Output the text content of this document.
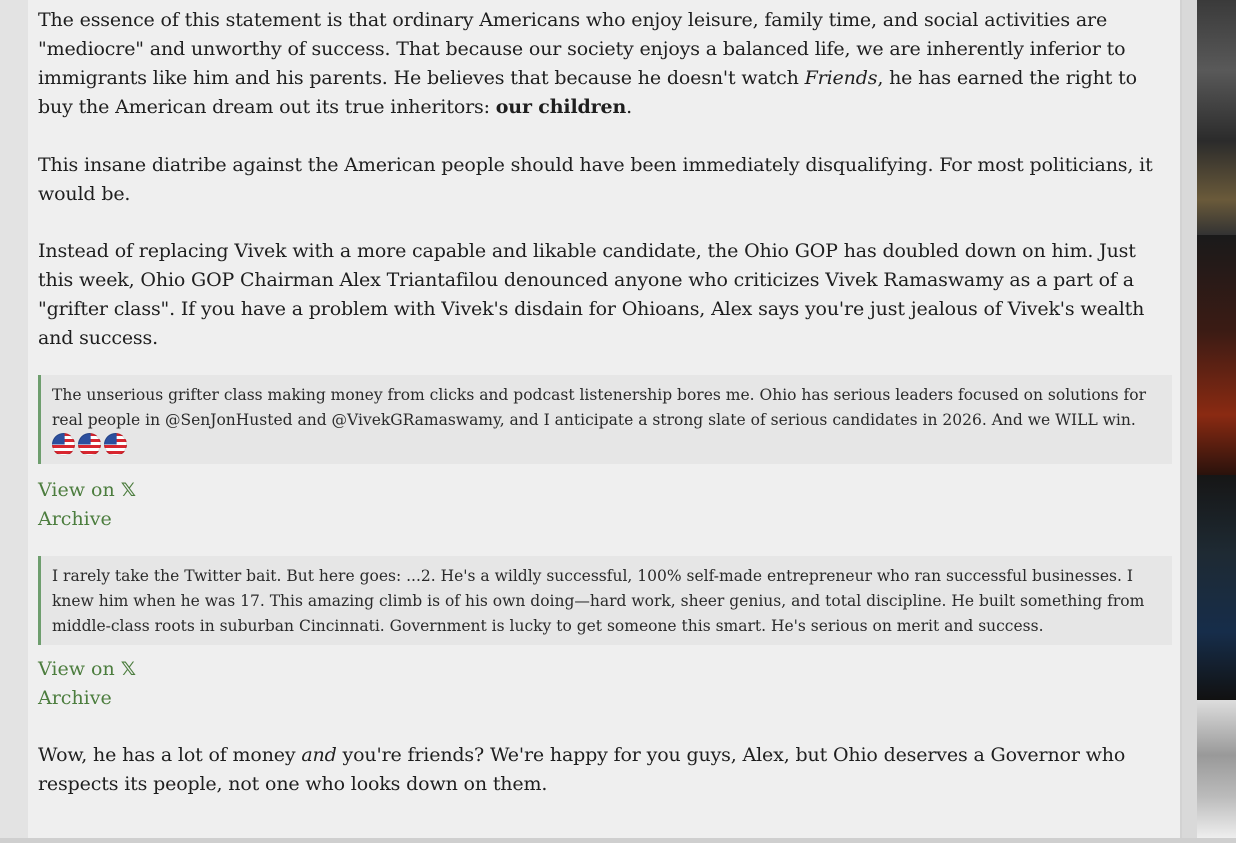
The essence of this statement is that ordinary Americans who enjoy leisure, family time, and social activities are "mediocre" and unworthy of success. That because our society enjoys a balanced life, we are inherently inferior to immigrants like him and his parents. He believes that because he doesn't watch Friends, he has earned the right to buy the American dream out its true inheritors: our children.

This insane diatribe against the American people should have been immediately disqualifying. For most politicians, it would be.

Instead of replacing Vivek with a more capable and likable candidate, the Ohio GOP has doubled down on him. Just this week, Ohio GOP Chairman Alex Triantafilou denounced anyone who criticizes Vivek Ramaswamy as a part of a "grifter class". If you have a problem with Vivek's disdain for Ohioans, Alex says you're just jealous of Vivek's wealth and success.

The unserious grifter class making money from clicks and podcast listenership bores me. Ohio has serious leaders focused on solutions for real people in @SenJonHusted and @VivekGRamaswamy, and I anticipate a strong slate of serious candidates in 2026. And we WILL win.
View on 𝕏
Archive
I rarely take the Twitter bait. But here goes: ...2. He's a wildly successful, 100% self-made entrepreneur who ran successful businesses. I knew him when he was 17. This amazing climb is of his own doing—hard work, sheer genius, and total discipline. He built something from middle-class roots in suburban Cincinnati. Government is lucky to get someone this smart. He's serious on merit and success.
View on 𝕏
Archive

Wow, he has a lot of money and you're friends? We're happy for you guys, Alex, but Ohio deserves a Governor who respects its people, not one who looks down on them.
